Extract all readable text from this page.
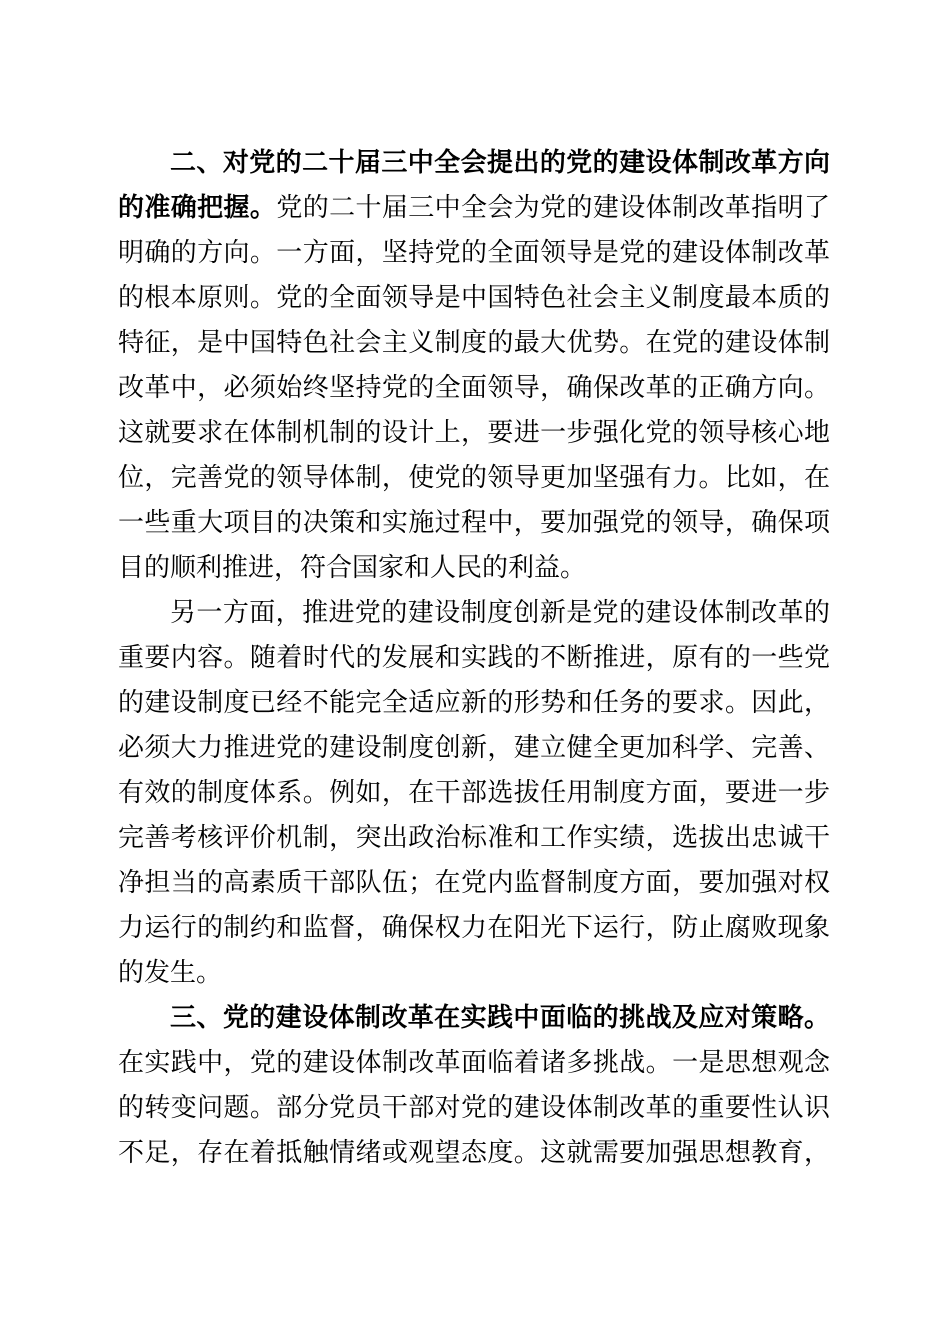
二、对党的二十届三中全会提出的党的建设体制改革方向
的准确把握。党的二十届三中全会为党的建设体制改革指明了
明确的方向。一方面，坚持党的全面领导是党的建设体制改革
的根本原则。党的全面领导是中国特色社会主义制度最本质的
特征，是中国特色社会主义制度的最大优势。在党的建设体制
改革中，必须始终坚持党的全面领导，确保改革的正确方向。
这就要求在体制机制的设计上，要进一步强化党的领导核心地
位，完善党的领导体制，使党的领导更加坚强有力。比如，在
一些重大项目的决策和实施过程中，要加强党的领导，确保项
目的顺利推进，符合国家和人民的利益。
另一方面，推进党的建设制度创新是党的建设体制改革的
重要内容。随着时代的发展和实践的不断推进，原有的一些党
的建设制度已经不能完全适应新的形势和任务的要求。因此，
必须大力推进党的建设制度创新，建立健全更加科学、完善、
有效的制度体系。例如，在干部选拔任用制度方面，要进一步
完善考核评价机制，突出政治标准和工作实绩，选拔出忠诚干
净担当的高素质干部队伍；在党内监督制度方面，要加强对权
力运行的制约和监督，确保权力在阳光下运行，防止腐败现象
的发生。
三、党的建设体制改革在实践中面临的挑战及应对策略。
在实践中，党的建设体制改革面临着诸多挑战。一是思想观念
的转变问题。部分党员干部对党的建设体制改革的重要性认识
不足，存在着抵触情绪或观望态度。这就需要加强思想教育，
